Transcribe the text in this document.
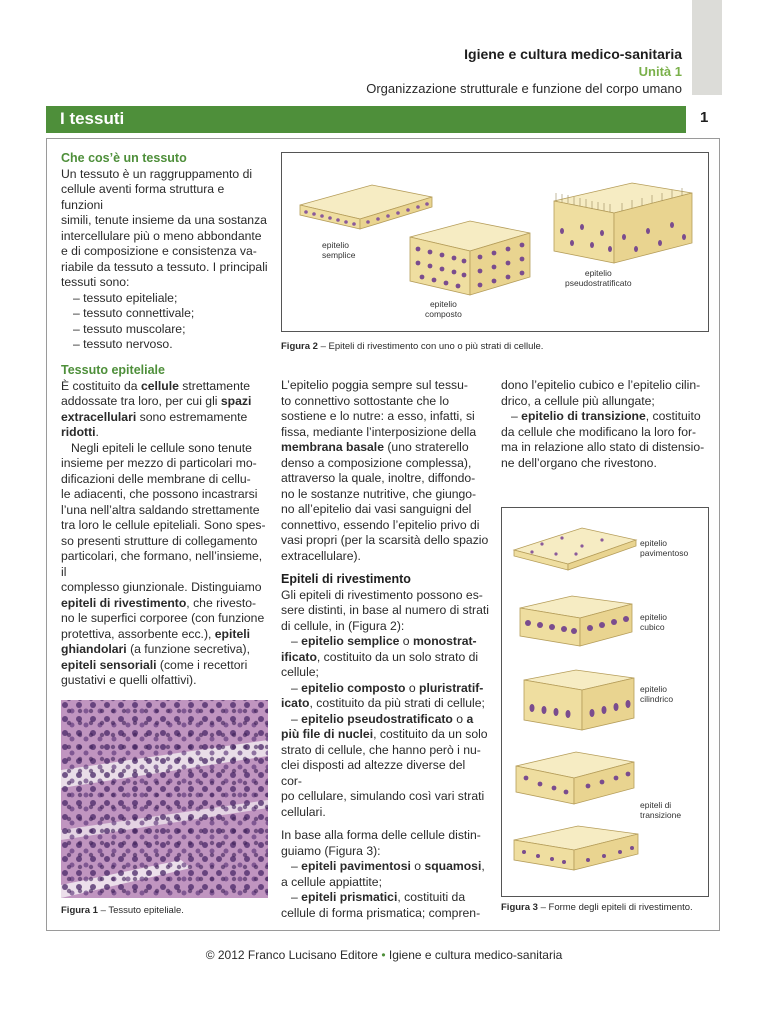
Igiene e cultura medico-sanitaria
Unità 1
Organizzazione strutturale e funzione del corpo umano
I tessuti	1
Che cos’è un tessuto
Un tessuto è un raggruppamento di
cellule aventi forma struttura e funzioni
simili, tenute insieme da una sostanza
intercellulare più o meno abbondante
e di composizione e consistenza va-
riabile da tessuto a tessuto. I principali
tessuti sono:
– tessuto epiteliale;
– tessuto connettivale;
– tessuto muscolare;
– tessuto nervoso.
Tessuto epiteliale
È costituito da cellule strettamente
addossate tra loro, per cui gli spazi
extracellulari sono estremamente
ridotti.
Negli epiteli le cellule sono tenute
insieme per mezzo di particolari mo-
dificazioni delle membrane di cellu-
le adiacenti, che possono incastrarsi
l’una nell’altra saldando strettamente
tra loro le cellule epiteliali. Sono spes-
so presenti strutture di collegamento
particolari, che formano, nell’insieme, il
complesso giunzionale. Distinguiamo
epiteli di rivestimento, che rivesto-
no le superfici corporee (con funzione
protettiva, assorbente ecc.), epiteli
ghiandolari (a funzione secretiva),
epiteli sensoriali (come i recettori
gustativi e quelli olfattivi).
Figura 1 – Tessuto epiteliale.
epitelio
semplice
epitelio
composto
epitelio
pseudostratificato
Figura 2 – Epiteli di rivestimento con uno o più strati di cellule.
L’epitelio poggia sempre sul tessu-
to connettivo sottostante che lo
sostiene e lo nutre: a esso, infatti, si
fissa, mediante l’interposizione della
membrana basale (uno straterello
denso a composizione complessa),
attraverso la quale, inoltre, diffondo-
no le sostanze nutritive, che giungo-
no all’epitelio dai vasi sanguigni del
connettivo, essendo l’epitelio privo di
vasi propri (per la scarsità dello spazio
extracellulare).
Epiteli di rivestimento
Gli epiteli di rivestimento possono es-
sere distinti, in base al numero di strati
di cellule, in (Figura 2):
– epitelio semplice o monostrat-
ificato, costituito da un solo strato di
cellule;
– epitelio composto o pluristratif-
icato, costituito da più strati di cellule;
– epitelio pseudostratificato o a
più file di nuclei, costituito da un solo
strato di cellule, che hanno però i nu-
clei disposti ad altezze diverse del cor-
po cellulare, simulando così vari strati
cellulari.
In base alla forma delle cellule distin-
guiamo (Figura 3):
– epiteli pavimentosi o squamosi,
a cellule appiattite;
– epiteli prismatici, costituiti da
cellule di forma prismatica; compren-
dono l’epitelio cubico e l’epitelio cilin-
drico, a cellule più allungate;
– epitelio di transizione, costituito
da cellule che modificano la loro for-
ma in relazione allo stato di distensio-
ne dell’organo che rivestono.
epitelio
pavimentoso
epitelio
cubico
epitelio
cilindrico
epiteli di
transizione
Figura 3 – Forme degli epiteli di rivestimento.
© 2012 Franco Lucisano Editore • Igiene e cultura medico-sanitaria
